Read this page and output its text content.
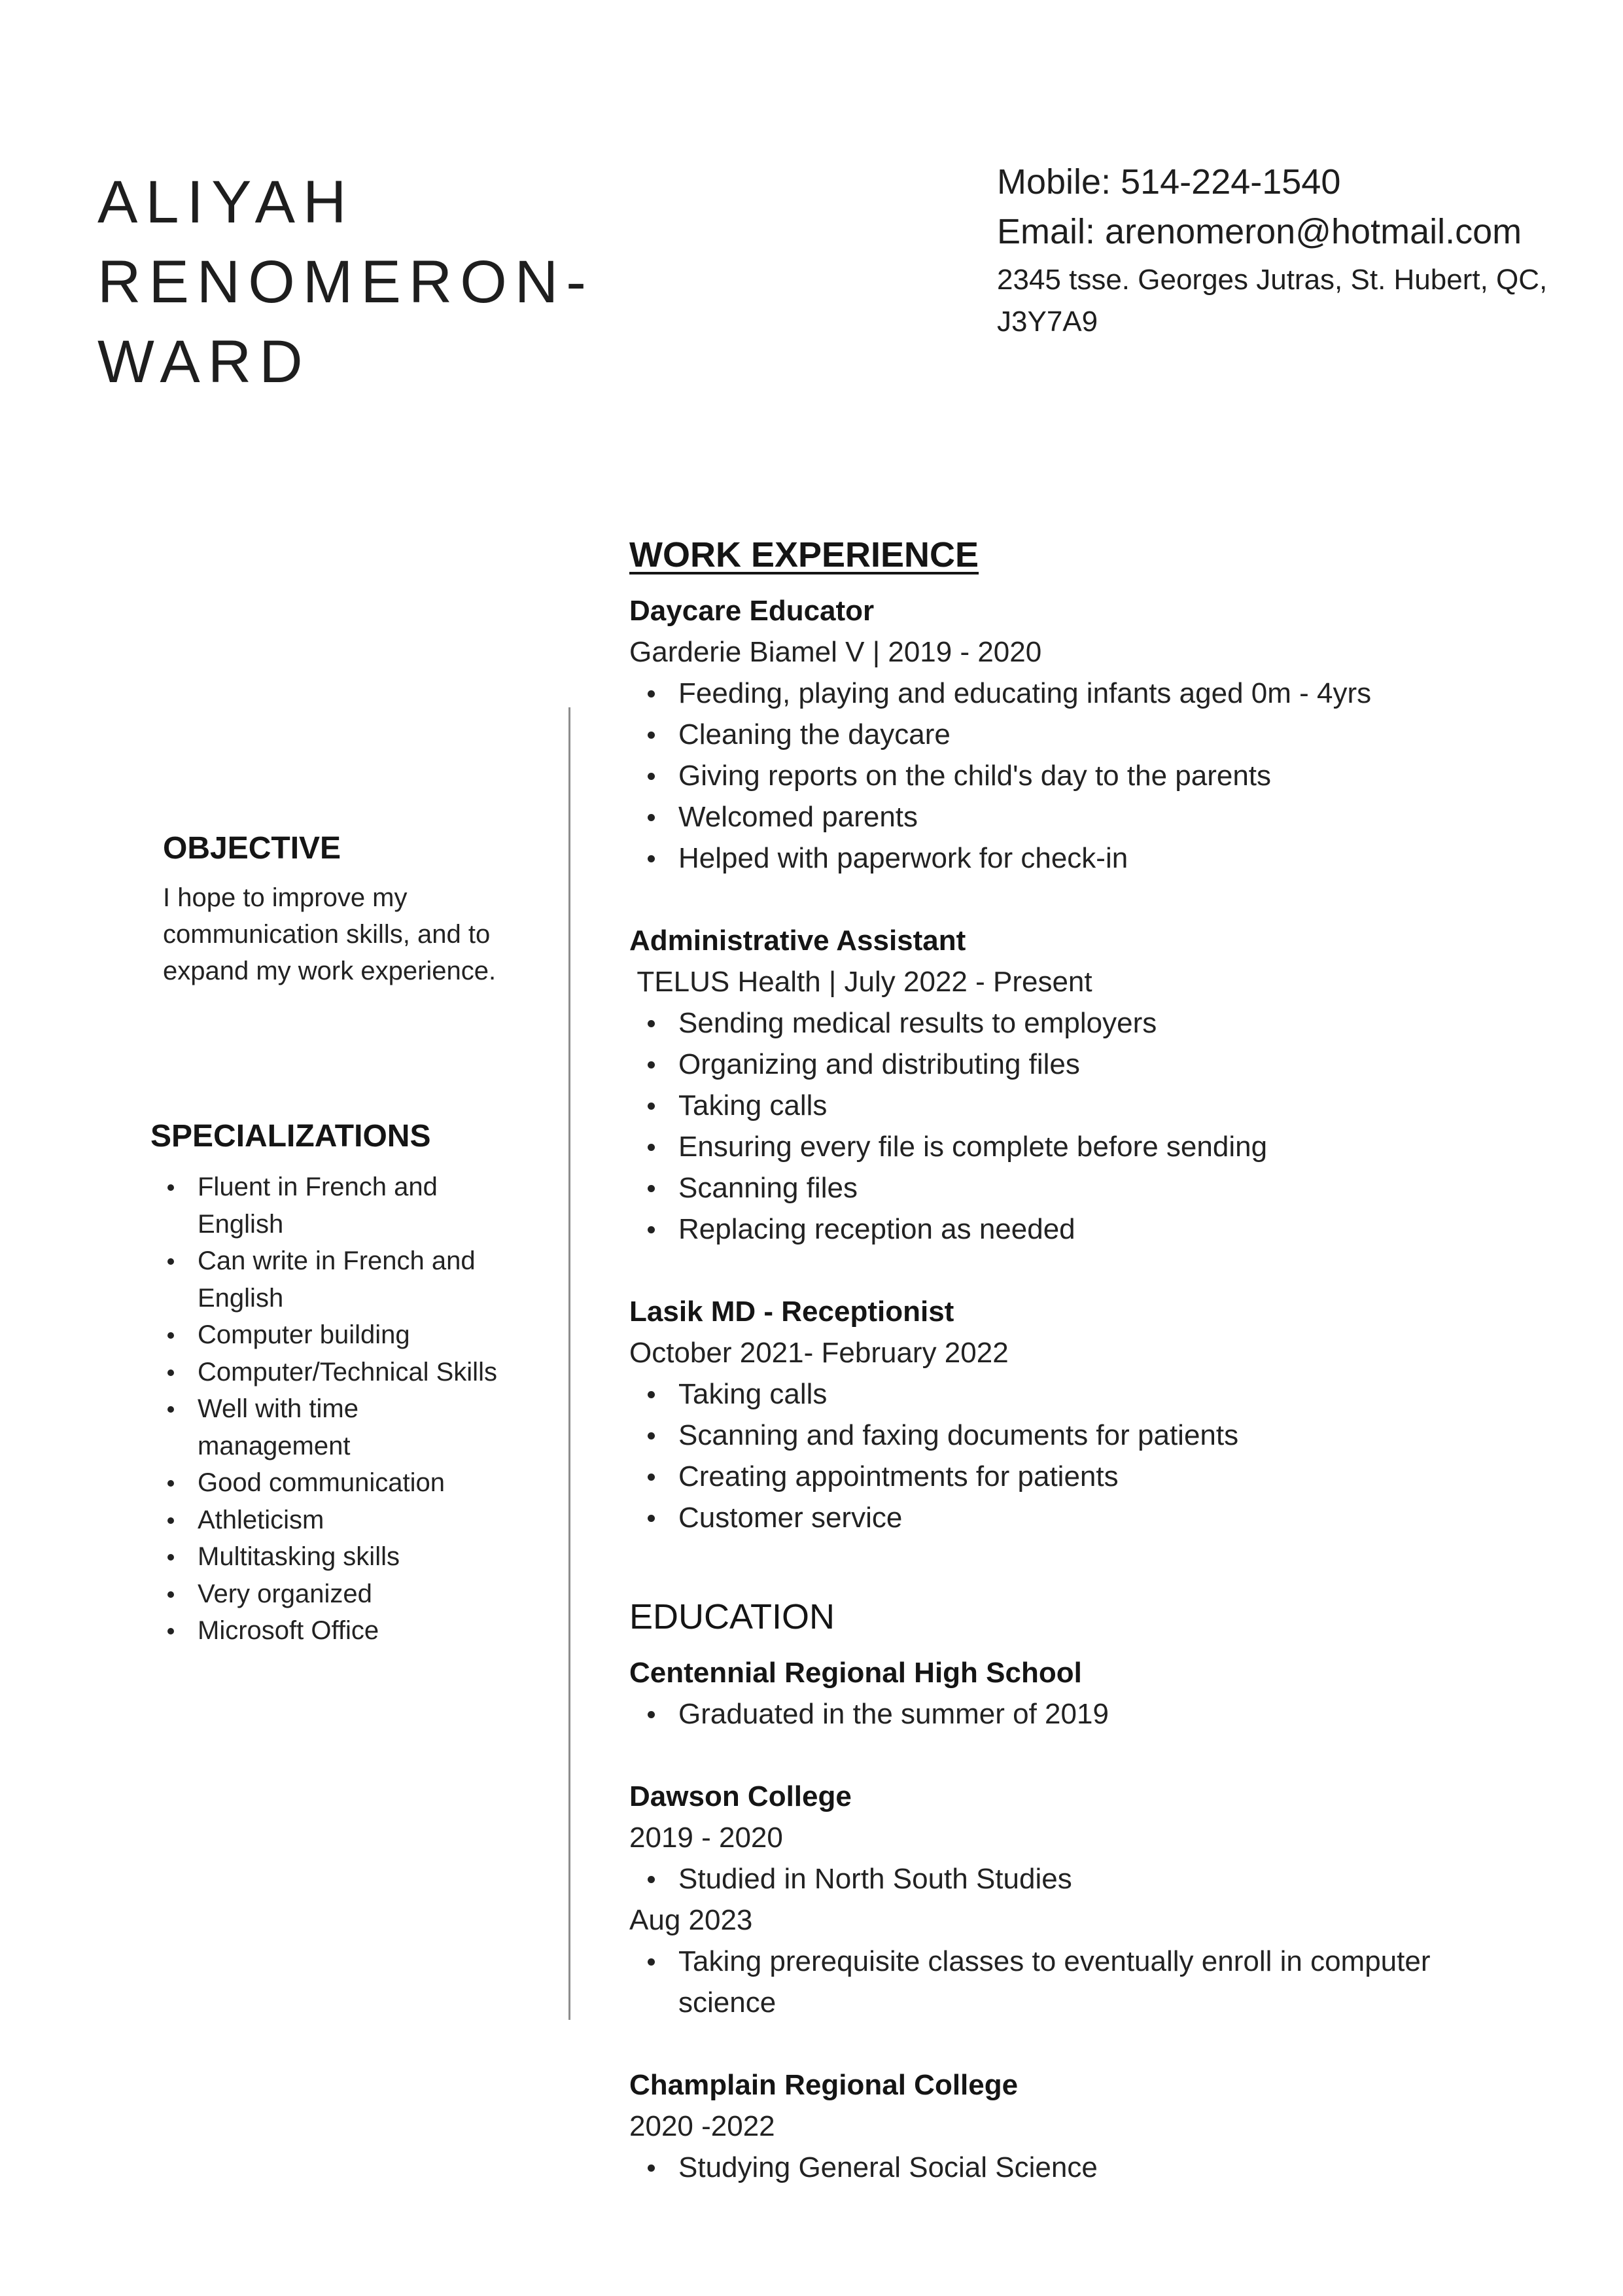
ALIYAH RENOMERON-
WARD
Mobile: 514-224-1540
Email: arenomeron@hotmail.com
2345 tsse. Georges Jutras, St. Hubert, QC, J3Y7A9
OBJECTIVE

I hope to improve my communication skills, and to expand my work experience.

SPECIALIZATIONS
Fluent in French and English
Can write in French and English
Computer building
Computer/Technical Skills
Well with time management
Good communication
Athleticism
Multitasking skills
Very organized
Microsoft Office
WORK EXPERIENCE

Daycare Educator

Garderie Biamel V | 2019 - 2020

Feeding, playing and educating infants aged 0m - 4yrs
Cleaning the daycare
Giving reports on the child's day to the parents
Welcomed parents
Helped with paperwork for check-in

Administrative Assistant

TELUS Health | July 2022 - Present

Sending medical results to employers
Organizing and distributing files
Taking calls
Ensuring every file is complete before sending
Scanning files
Replacing reception as needed

Lasik MD - Receptionist

October 2021- February 2022

Taking calls
Scanning and faxing documents for patients
Creating appointments for patients
Customer service
EDUCATION

Centennial Regional High School

Graduated in the summer of 2019

Dawson College

2019 - 2020

Studied in North South Studies

Aug 2023

Taking prerequisite classes to eventually enroll in computer science

Champlain Regional College

2020 -2022

Studying General Social Science
